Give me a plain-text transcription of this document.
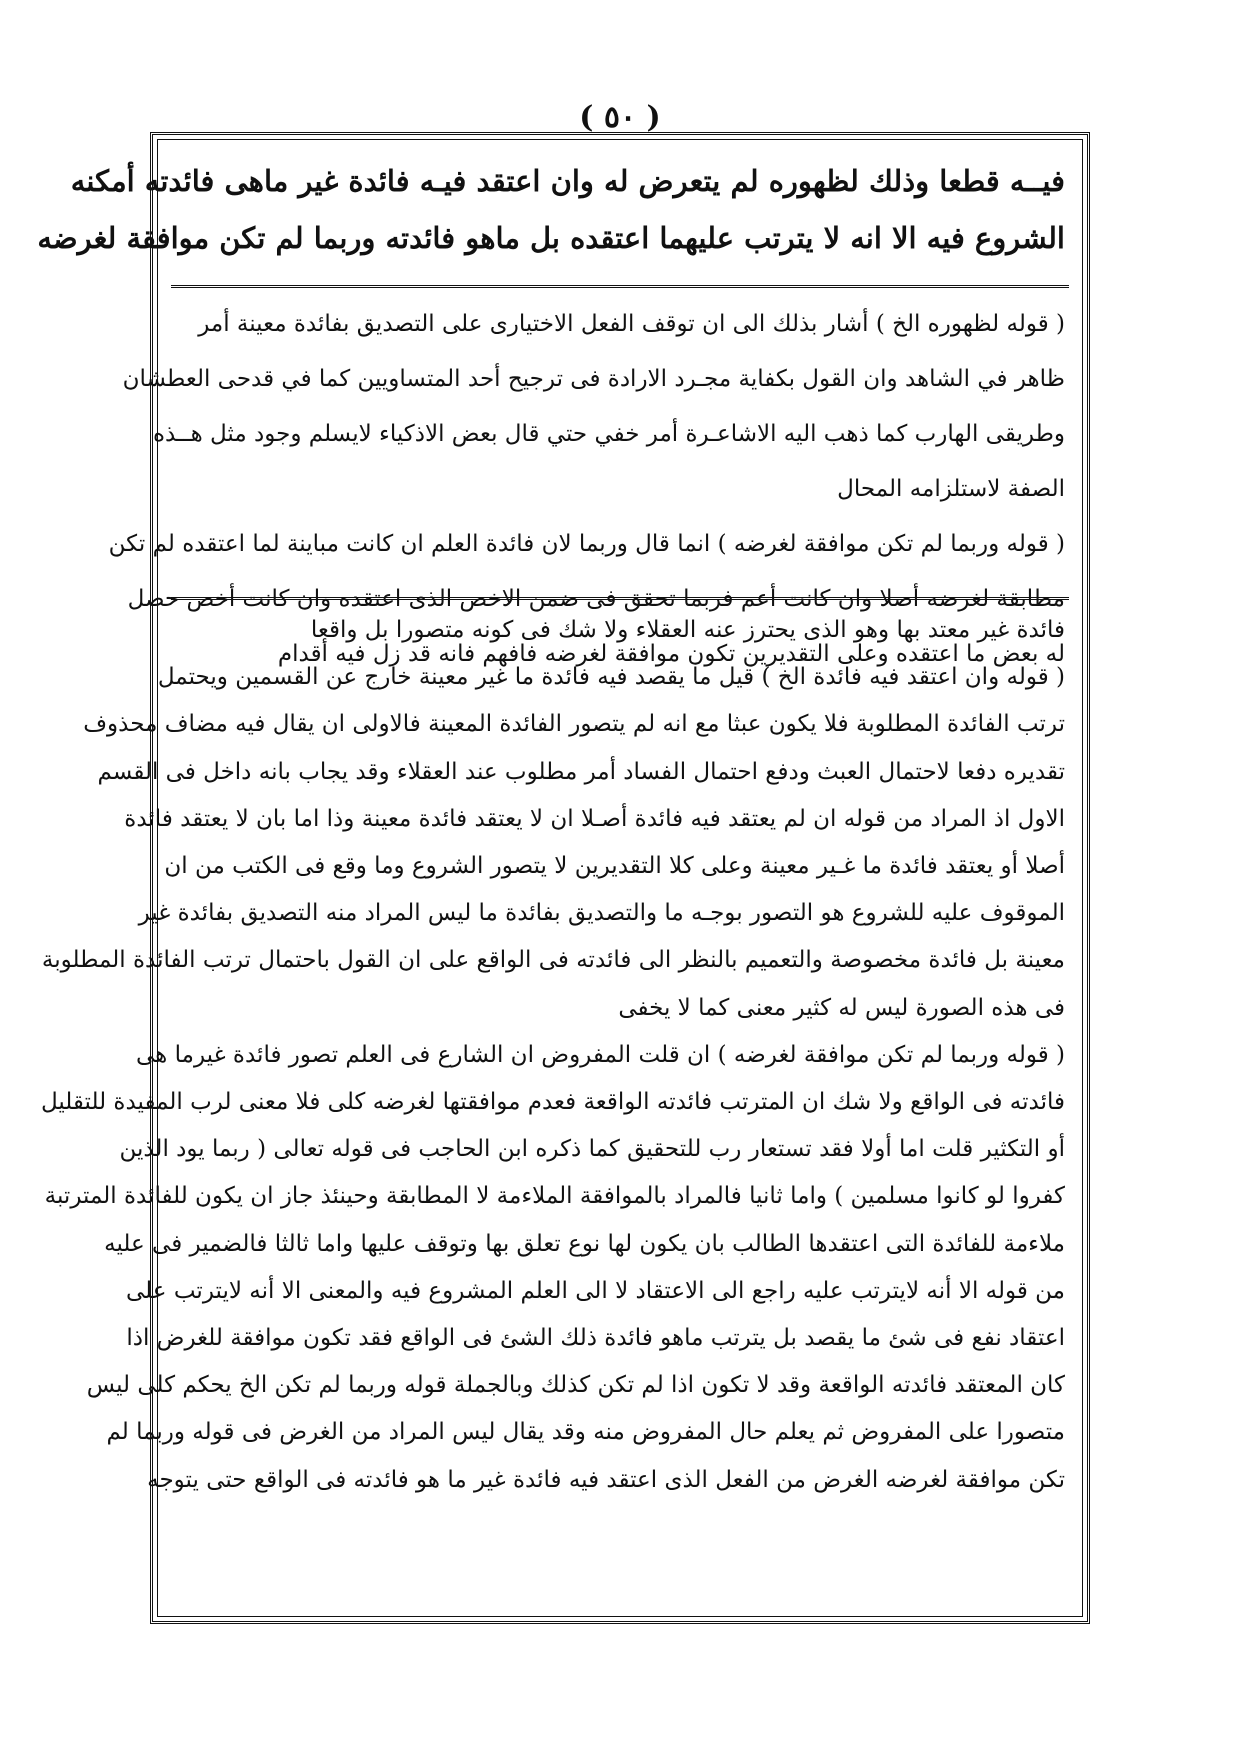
( ٥٠ )

فيــه قطعا وذلك لظهوره لم يتعرض له وان اعتقد فيـه فائدة غير ماهى فائدته أمكنه

الشروع فيه الا انه لا يترتب عليهما اعتقده بل ماهو فائدته وربما لم تكن موافقة لغرضه

( قوله لظهوره الخ ) أشار بذلك الى ان توقف الفعل الاختيارى على التصديق بفائدة معينة أمر

ظاهر في الشاهد وان القول بكفاية مجـرد الارادة فى ترجيح أحد المتساويين كما في قدحى العطشان

وطريقى الهارب كما ذهب اليه الاشاعـرة أمر خفي حتي قال بعض الاذكياء لايسلم وجود مثل هــذه

الصفة لاستلزامه المحال

( قوله وربما لم تكن موافقة لغرضه ) انما قال وربما لان فائدة العلم ان كانت مباينة لما اعتقده لم تكن

مطابقة لغرضه أصلا وان كانت أعم فربما تحقق فى ضمن الاخص الذى اعتقده وان كانت أخص حصل

له بعض ما اعتقده وعلى التقديرين تكون موافقة لغرضه فافهم فانه قد زل فيه أقدام

فائدة غير معتد بها وهو الذى يحترز عنه العقلاء ولا شك فى كونه متصورا بل واقعا

( قوله وان اعتقد فيه فائدة الخ ) قيل ما يقصد فيه فائدة ما غير معينة خارج عن القسمين ويحتمل

ترتب الفائدة المطلوبة فلا يكون عبثا مع انه لم يتصور الفائدة المعينة فالاولى ان يقال فيه مضاف محذوف

تقديره دفعا لاحتمال العبث ودفع احتمال الفساد أمر مطلوب عند العقلاء وقد يجاب بانه داخل فى القسم

الاول اذ المراد من قوله ان لم يعتقد فيه فائدة أصـلا ان لا يعتقد فائدة معينة وذا اما بان لا يعتقد فائدة

أصلا أو يعتقد فائدة ما غـير معينة وعلى كلا التقديرين لا يتصور الشروع وما وقع فى الكتب من ان

الموقوف عليه للشروع هو التصور بوجـه ما والتصديق بفائدة ما ليس المراد منه التصديق بفائدة غير

معينة بل فائدة مخصوصة والتعميم بالنظر الى فائدته فى الواقع على ان القول باحتمال ترتب الفائدة المطلوبة

فى هذه الصورة ليس له كثير معنى كما لا يخفى

( قوله وربما لم تكن موافقة لغرضه ) ان قلت المفروض ان الشارع فى العلم تصور فائدة غيرما هى

فائدته فى الواقع ولا شك ان المترتب فائدته الواقعة فعدم موافقتها لغرضه كلى فلا معنى لرب المفيدة للتقليل

أو التكثير قلت اما أولا فقد تستعار رب للتحقيق كما ذكره ابن الحاجب فى قوله تعالى ( ربما يود الذين

كفروا لو كانوا مسلمين ) واما ثانيا فالمراد بالموافقة الملاءمة لا المطابقة وحينئذ جاز ان يكون للفائدة المترتبة

ملاءمة للفائدة التى اعتقدها الطالب بان يكون لها نوع تعلق بها وتوقف عليها واما ثالثا فالضمير فى عليه

من قوله الا أنه لايترتب عليه راجع الى الاعتقاد لا الى العلم المشروع فيه والمعنى الا أنه لايترتب على

اعتقاد نفع فى شئ ما يقصد بل يترتب ماهو فائدة ذلك الشئ فى الواقع فقد تكون موافقة للغرض اذا

كان المعتقد فائدته الواقعة وقد لا تكون اذا لم تكن كذلك وبالجملة قوله وربما لم تكن الخ يحكم كلى ليس

متصورا على المفروض ثم يعلم حال المفروض منه وقد يقال ليس المراد من الغرض فى قوله وربما لم

تكن موافقة لغرضه الغرض من الفعل الذى اعتقد فيه فائدة غير ما هو فائدته فى الواقع حتى يتوجه
